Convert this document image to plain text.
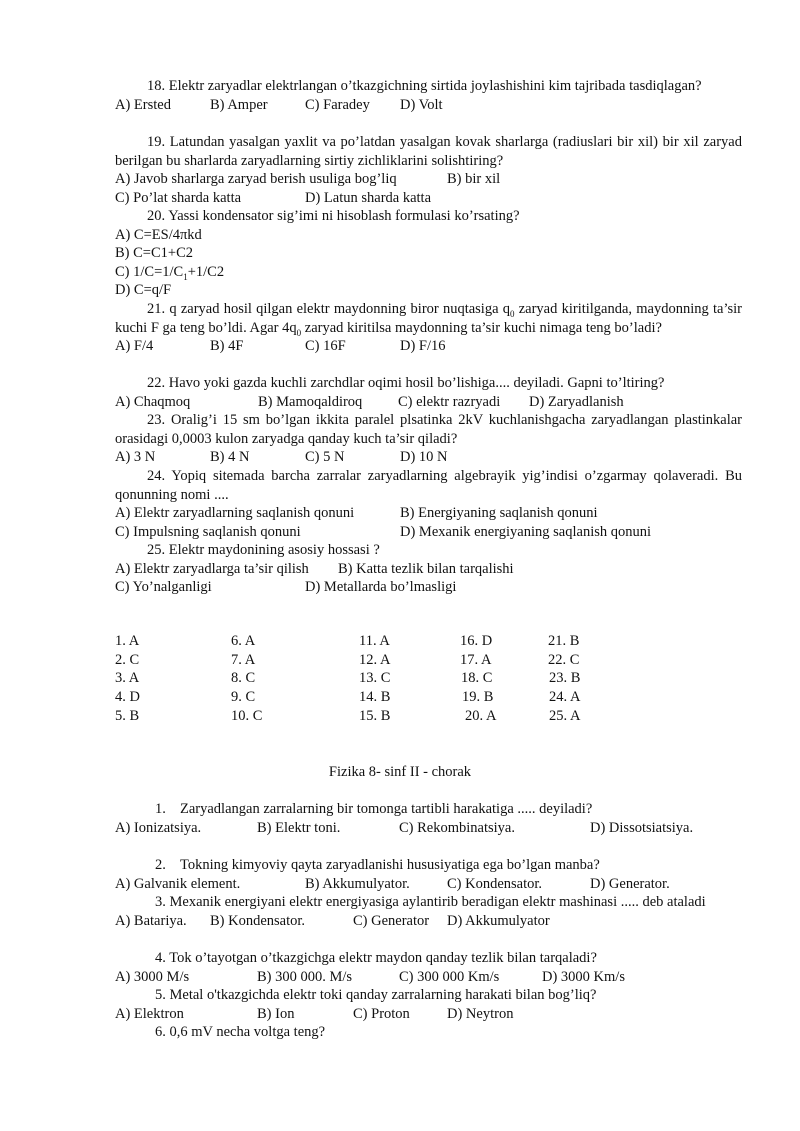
18. Elektr zaryadlar elektrlangan o’tkazgichning sirtida joylashishini kim tajribada tasdiqlagan?

A) Ersted	B) Amper	C) Faradey D) Volt

19. Latundan yasalgan yaxlit va po’latdan yasalgan kovak sharlarga (radiuslari bir xil) bir xil zaryad berilgan bu sharlarda zaryadlarning sirtiy zichliklarini solishtiring?

A) Javob sharlarga zaryad berish usuliga bog’liq	B) bir xil
C) Po’lat sharda katta	D) Latun sharda katta

20. Yassi kondensator sig’imi ni hisoblash formulasi ko’rsating?

A) C=ES/4πkd

B) C=C1+C2

C) $1/C=1/C_1+1/C2$

D) C=q/F

21. q zaryad hosil qilgan elektr maydonning biror nuqtasiga $q_0$ zaryad kiritilganda, maydonning ta’sir kuchi F ga teng bo’ldi. Agar $4q_0$ zaryad kiritilsa maydonning ta’sir kuchi nimaga teng bo’ladi?

A) F/4	B) 4F	C) 16F	D) F/16

22. Havo yoki gazda kuchli zarchdlar oqimi hosil bo’lishiga.... deyiladi. Gapni to’ltiring?

A) Chaqmoq	B) Mamoqaldiroq C) elektr razryadi D) Zaryadlanish

23. Oralig’i 15 sm bo’lgan ikkita paralel plsatinka 2kV kuchlanishgacha zaryadlangan plastinkalar orasidagi 0,0003 kulon zaryadga qanday kuch ta’sir qiladi?

A) 3 N	B) 4 N	C) 5 N	D) 10 N

24. Yopiq sitemada barcha zarralar zaryadlarning algebrayik yig’indisi o’zgarmay qolaveradi. Bu qonunning nomi ....

A) Elektr zaryadlarning saqlanish qonuni	B) Energiyaning saqlanish qonuni
C) Impulsning saqlanish qonuni	D) Mexanik energiyaning saqlanish qonuni

25. Elektr maydonining asosiy hossasi ?

A) Elektr zaryadlarga ta’sir qilish B) Katta tezlik bilan tarqalishi
C) Yo’nalganligi	D) Metallarda bo’lmasligi
1. A	6. A	11. A	16. D	21. B
2. C	7. A	12. A	17. A	22. C
3. A	8. C	13. C	18. C	23. B
4. D	9. C	14. B	19. B	24. A
5. B	10. C	15. B	20. A	25. A

Fizika 8- sinf II - chorak

1. Zaryadlangan zarralarning bir tomonga tartibli harakatiga ..... deyiladi?

A) Ionizatsiya.	B) Elektr toni.	C) Rekombinatsiya.	D) Dissotsiatsiya.

2. Tokning kimyoviy qayta zaryadlanishi hususiyatiga ega bo’lgan manba?

A) Galvanik element.	B) Akkumulyator.	C) Kondensator.	D) Generator.

3. Mexanik energiyani elektr energiyasiga aylantirib beradigan elektr mashinasi ..... deb ataladi

A) Batariya. B) Kondensator.	C) Generator D) Akkumulyator

4. Tok o’tayotgan o’tkazgichga elektr maydon qanday tezlik bilan tarqaladi?

A) 3000 M/s	B) 300 000. M/s	C) 300 000 Km/s	D) 3000 Km/s

5. Metal o'tkazgichda elektr toki qanday zarralarning harakati bilan bog’liq?

A) Elektron	B) Ion	C) Proton	D) Neytron

6. 0,6 mV necha voltga teng?
